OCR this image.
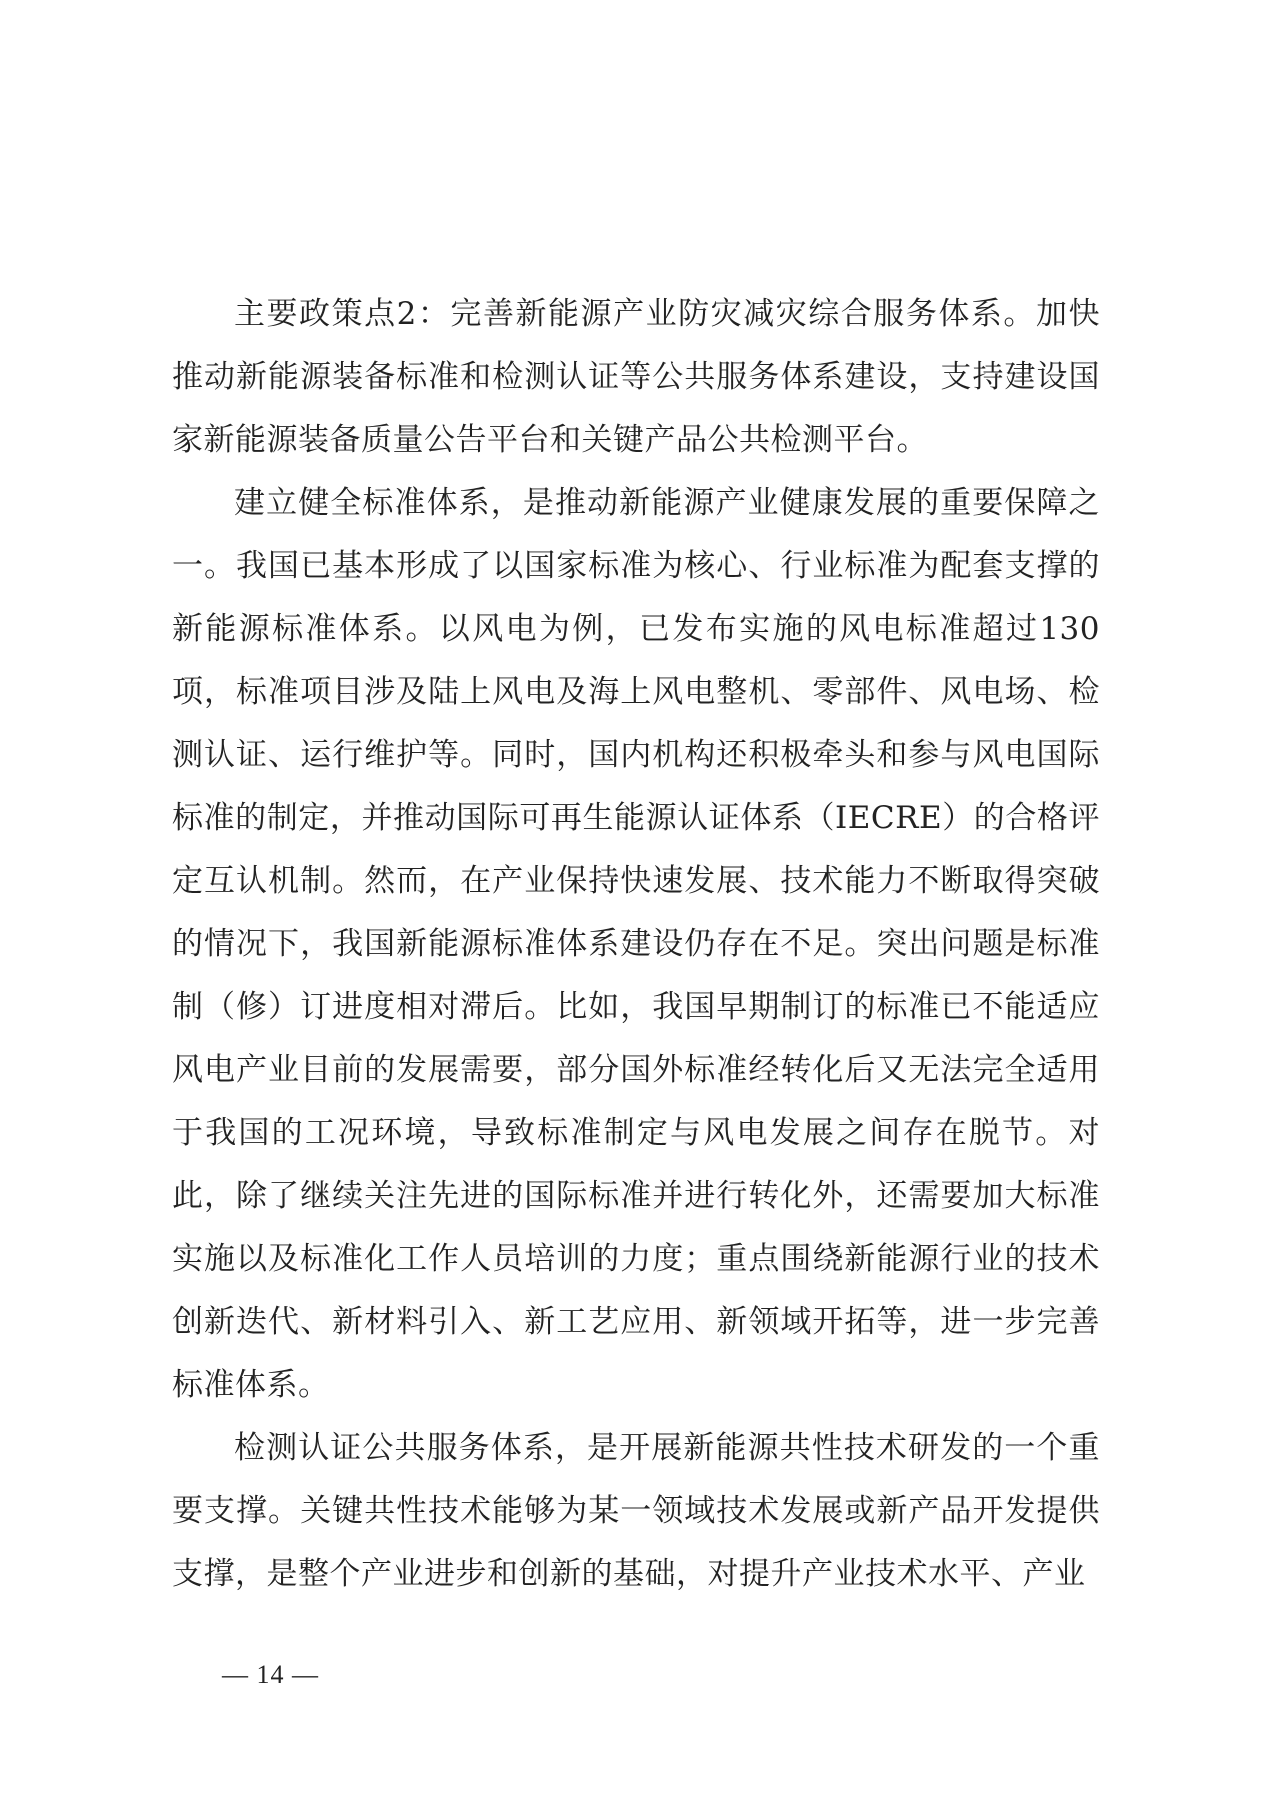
主要政策点2：完善新能源产业防灾减灾综合服务体系。加快推动新能源装备标准和检测认证等公共服务体系建设，支持建设国家新能源装备质量公告平台和关键产品公共检测平台。

建立健全标准体系，是推动新能源产业健康发展的重要保障之一。我国已基本形成了以国家标准为核心、行业标准为配套支撑的新能源标准体系。以风电为例，已发布实施的风电标准超过130项，标准项目涉及陆上风电及海上风电整机、零部件、风电场、检测认证、运行维护等。同时，国内机构还积极牵头和参与风电国际标准的制定，并推动国际可再生能源认证体系（IECRE）的合格评定互认机制。然而，在产业保持快速发展、技术能力不断取得突破的情况下，我国新能源标准体系建设仍存在不足。突出问题是标准制（修）订进度相对滞后。比如，我国早期制订的标准已不能适应风电产业目前的发展需要，部分国外标准经转化后又无法完全适用于我国的工况环境，导致标准制定与风电发展之间存在脱节。对此，除了继续关注先进的国际标准并进行转化外，还需要加大标准实施以及标准化工作人员培训的力度；重点围绕新能源行业的技术创新迭代、新材料引入、新工艺应用、新领域开拓等，进一步完善标准体系。

检测认证公共服务体系，是开展新能源共性技术研发的一个重要支撑。关键共性技术能够为某一领域技术发展或新产品开发提供支撑，是整个产业进步和创新的基础，对提升产业技术水平、产业

— 14 —
